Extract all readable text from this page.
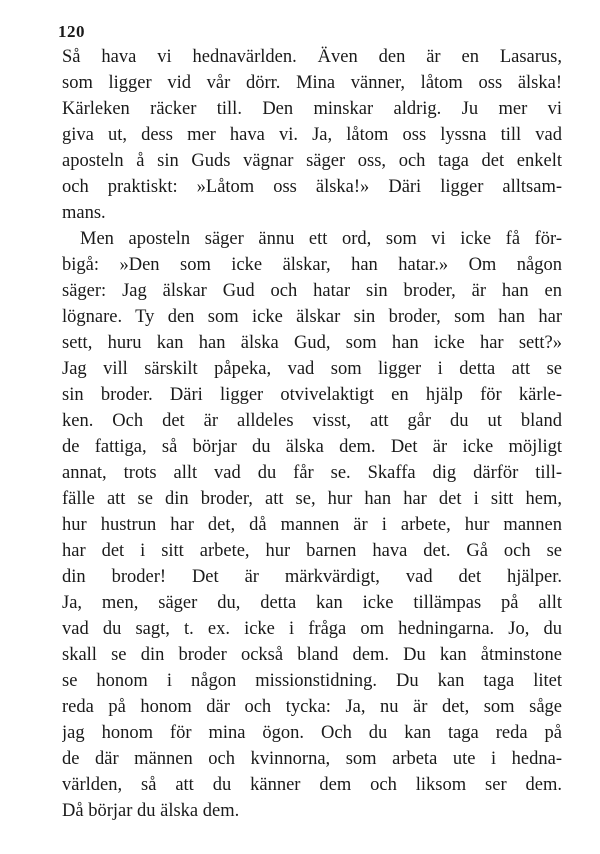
120
Så hava vi hednavärlden. Även den är en Lasarus,
som ligger vid vår dörr. Mina vänner, låtom oss älska!
Kärleken räcker till. Den minskar aldrig. Ju mer vi
giva ut, dess mer hava vi. Ja, låtom oss lyssna till vad
aposteln å sin Guds vägnar säger oss, och taga det enkelt
och praktiskt: »Låtom oss älska!» Däri ligger alltsam-
mans.
Men aposteln säger ännu ett ord, som vi icke få för-
bigå: »Den som icke älskar, han hatar.» Om någon
säger: Jag älskar Gud och hatar sin broder, är han en
lögnare. Ty den som icke älskar sin broder, som han har
sett, huru kan han älska Gud, som han icke har sett?»
Jag vill särskilt påpeka, vad som ligger i detta att se
sin broder. Däri ligger otvivelaktigt en hjälp för kärle-
ken. Och det är alldeles visst, att går du ut bland
de fattiga, så börjar du älska dem. Det är icke möjligt
annat, trots allt vad du får se. Skaffa dig därför till-
fälle att se din broder, att se, hur han har det i sitt hem,
hur hustrun har det, då mannen är i arbete, hur mannen
har det i sitt arbete, hur barnen hava det. Gå och se
din broder! Det är märkvärdigt, vad det hjälper.
Ja, men, säger du, detta kan icke tillämpas på allt
vad du sagt, t. ex. icke i fråga om hedningarna. Jo, du
skall se din broder också bland dem. Du kan åtminstone
se honom i någon missionstidning. Du kan taga litet
reda på honom där och tycka: Ja, nu är det, som såge
jag honom för mina ögon. Och du kan taga reda på
de där männen och kvinnorna, som arbeta ute i hedna-
världen, så att du känner dem och liksom ser dem.
Då börjar du älska dem.
